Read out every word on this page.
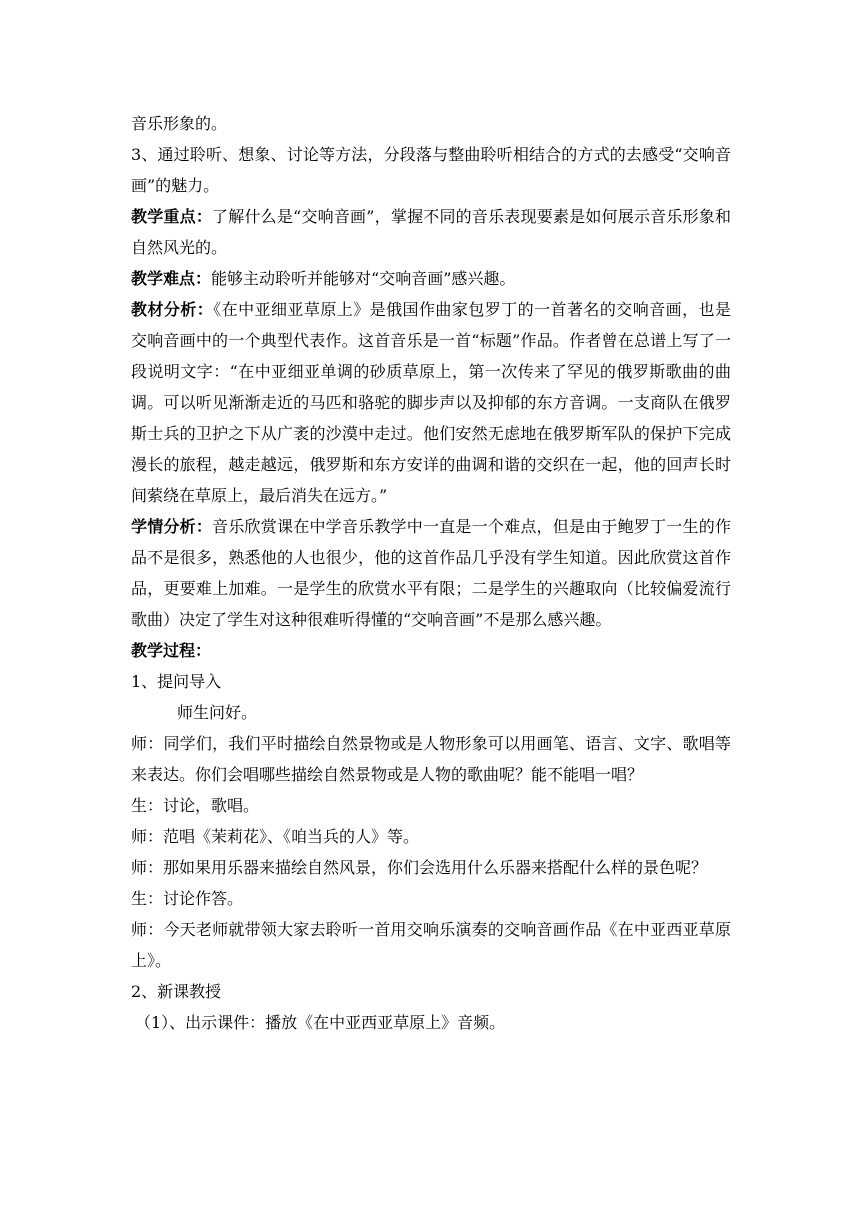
音乐形象的。

3、通过聆听、想象、讨论等方法，分段落与整曲聆听相结合的方式的去感受“交响音画”的魅力。

教学重点：了解什么是“交响音画”，掌握不同的音乐表现要素是如何展示音乐形象和自然风光的。

教学难点：能够主动聆听并能够对“交响音画”感兴趣。

教材分析：《在中亚细亚草原上》是俄国作曲家包罗丁的一首著名的交响音画，也是交响音画中的一个典型代表作。这首音乐是一首“标题”作品。作者曾在总谱上写了一段说明文字：“在中亚细亚单调的砂质草原上，第一次传来了罕见的俄罗斯歌曲的曲调。可以听见渐渐走近的马匹和骆驼的脚步声以及抑郁的东方音调。一支商队在俄罗斯士兵的卫护之下从广袤的沙漠中走过。他们安然无虑地在俄罗斯军队的保护下完成漫长的旅程，越走越远，俄罗斯和东方安详的曲调和谐的交织在一起，他的回声长时间萦绕在草原上，最后消失在远方。”

学情分析：音乐欣赏课在中学音乐教学中一直是一个难点，但是由于鲍罗丁一生的作品不是很多，熟悉他的人也很少，他的这首作品几乎没有学生知道。因此欣赏这首作品，更要难上加难。一是学生的欣赏水平有限；二是学生的兴趣取向（比较偏爱流行歌曲）决定了学生对这种很难听得懂的“交响音画”不是那么感兴趣。

教学过程：

1、提问导入

师生问好。

师：同学们，我们平时描绘自然景物或是人物形象可以用画笔、语言、文字、歌唱等来表达。你们会唱哪些描绘自然景物或是人物的歌曲呢？能不能唱一唱？

生：讨论，歌唱。

师：范唱《茉莉花》、《咱当兵的人》等。

师：那如果用乐器来描绘自然风景，你们会选用什么乐器来搭配什么样的景色呢？

生：讨论作答。

师：今天老师就带领大家去聆听一首用交响乐演奏的交响音画作品《在中亚西亚草原上》。

2、新课教授

（1）、出示课件：播放《在中亚西亚草原上》音频。
